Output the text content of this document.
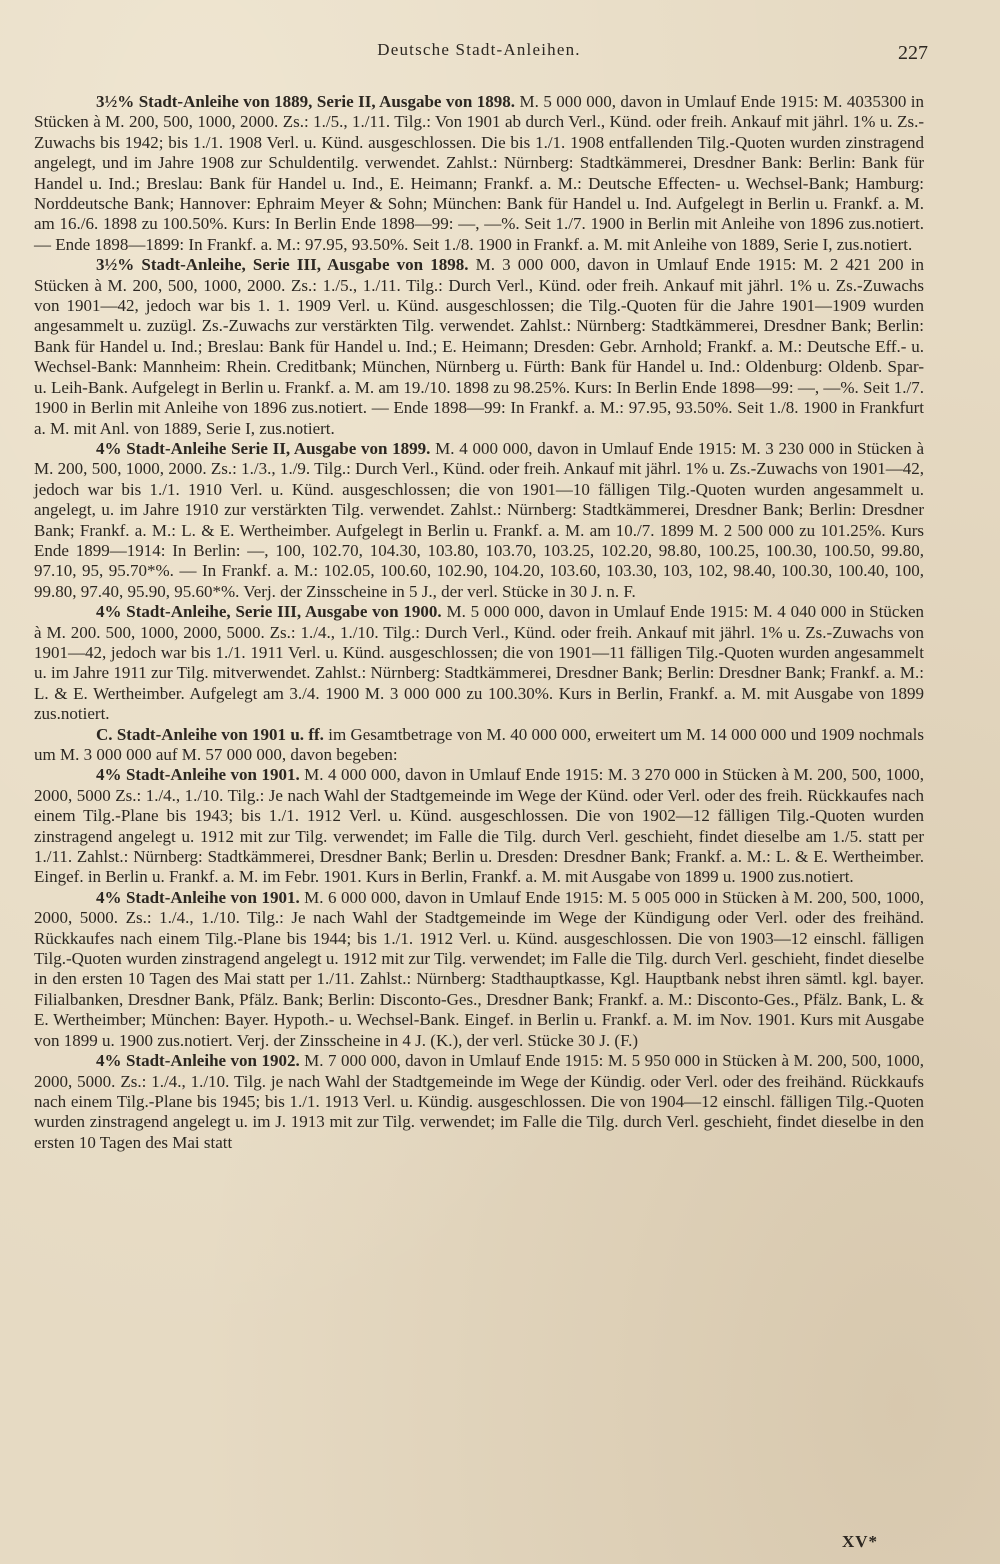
Deutsche Stadt-Anleihen.	227

3½% Stadt-Anleihe von 1889, Serie II, Ausgabe von 1898. M. 5 000 000, davon in Umlauf Ende 1915: M. 4035300 in Stücken à M. 200, 500, 1000, 2000. Zs.: 1./5., 1./11. Tilg.: Von 1901 ab durch Verl., Künd. oder freih. Ankauf mit jährl. 1% u. Zs.-Zuwachs bis 1942; bis 1./1. 1908 Verl. u. Künd. ausgeschlossen. Die bis 1./1. 1908 entfallenden Tilg.-Quoten wurden zinstragend angelegt, und im Jahre 1908 zur Schuldentilg. verwendet. Zahlst.: Nürnberg: Stadtkämmerei, Dresdner Bank: Berlin: Bank für Handel u. Ind.; Breslau: Bank für Handel u. Ind., E. Heimann; Frankf. a. M.: Deutsche Effecten- u. Wechsel-Bank; Hamburg: Norddeutsche Bank; Hannover: Ephraim Meyer & Sohn; München: Bank für Handel u. Ind. Aufgelegt in Berlin u. Frankf. a. M. am 16./6. 1898 zu 100.50%. Kurs: In Berlin Ende 1898—99: —, —%. Seit 1./7. 1900 in Berlin mit Anleihe von 1896 zus.notiert. — Ende 1898—1899: In Frankf. a. M.: 97.95, 93.50%. Seit 1./8. 1900 in Frankf. a. M. mit Anleihe von 1889, Serie I, zus.notiert.

3½% Stadt-Anleihe, Serie III, Ausgabe von 1898. M. 3 000 000, davon in Umlauf Ende 1915: M. 2 421 200 in Stücken à M. 200, 500, 1000, 2000. Zs.: 1./5., 1./11. Tilg.: Durch Verl., Künd. oder freih. Ankauf mit jährl. 1% u. Zs.-Zuwachs von 1901—42, jedoch war bis 1. 1. 1909 Verl. u. Künd. ausgeschlossen; die Tilg.-Quoten für die Jahre 1901—1909 wurden angesammelt u. zuzügl. Zs.-Zuwachs zur verstärkten Tilg. verwendet. Zahlst.: Nürnberg: Stadtkämmerei, Dresdner Bank; Berlin: Bank für Handel u. Ind.; Breslau: Bank für Handel u. Ind.; E. Heimann; Dresden: Gebr. Arnhold; Frankf. a. M.: Deutsche Eff.- u. Wechsel-Bank: Mannheim: Rhein. Creditbank; München, Nürnberg u. Fürth: Bank für Handel u. Ind.: Oldenburg: Oldenb. Spar- u. Leih-Bank. Aufgelegt in Berlin u. Frankf. a. M. am 19./10. 1898 zu 98.25%. Kurs: In Berlin Ende 1898—99: —, —%. Seit 1./7. 1900 in Berlin mit Anleihe von 1896 zus.notiert. — Ende 1898—99: In Frankf. a. M.: 97.95, 93.50%. Seit 1./8. 1900 in Frankfurt a. M. mit Anl. von 1889, Serie I, zus.notiert.

4% Stadt-Anleihe Serie II, Ausgabe von 1899. M. 4 000 000, davon in Umlauf Ende 1915: M. 3 230 000 in Stücken à M. 200, 500, 1000, 2000. Zs.: 1./3., 1./9. Tilg.: Durch Verl., Künd. oder freih. Ankauf mit jährl. 1% u. Zs.-Zuwachs von 1901—42, jedoch war bis 1./1. 1910 Verl. u. Künd. ausgeschlossen; die von 1901—10 fälligen Tilg.-Quoten wurden angesammelt u. angelegt, u. im Jahre 1910 zur verstärkten Tilg. verwendet. Zahlst.: Nürnberg: Stadtkämmerei, Dresdner Bank; Berlin: Dresdner Bank; Frankf. a. M.: L. & E. Wertheimber. Aufgelegt in Berlin u. Frankf. a. M. am 10./7. 1899 M. 2 500 000 zu 101.25%. Kurs Ende 1899—1914: In Berlin: —, 100, 102.70, 104.30, 103.80, 103.70, 103.25, 102.20, 98.80, 100.25, 100.30, 100.50, 99.80, 97.10, 95, 95.70*%. — In Frankf. a. M.: 102.05, 100.60, 102.90, 104.20, 103.60, 103.30, 103, 102, 98.40, 100.30, 100.40, 100, 99.80, 97.40, 95.90, 95.60*%. Verj. der Zinsscheine in 5 J., der verl. Stücke in 30 J. n. F.

4% Stadt-Anleihe, Serie III, Ausgabe von 1900. M. 5 000 000, davon in Umlauf Ende 1915: M. 4 040 000 in Stücken à M. 200. 500, 1000, 2000, 5000. Zs.: 1./4., 1./10. Tilg.: Durch Verl., Künd. oder freih. Ankauf mit jährl. 1% u. Zs.-Zuwachs von 1901—42, jedoch war bis 1./1. 1911 Verl. u. Künd. ausgeschlossen; die von 1901—11 fälligen Tilg.-Quoten wurden angesammelt u. im Jahre 1911 zur Tilg. mitverwendet. Zahlst.: Nürnberg: Stadtkämmerei, Dresdner Bank; Berlin: Dresdner Bank; Frankf. a. M.: L. & E. Wertheimber. Aufgelegt am 3./4. 1900 M. 3 000 000 zu 100.30%. Kurs in Berlin, Frankf. a. M. mit Ausgabe von 1899 zus.notiert.

C. Stadt-Anleihe von 1901 u. ff. im Gesamtbetrage von M. 40 000 000, erweitert um M. 14 000 000 und 1909 nochmals um M. 3 000 000 auf M. 57 000 000, davon begeben:

4% Stadt-Anleihe von 1901. M. 4 000 000, davon in Umlauf Ende 1915: M. 3 270 000 in Stücken à M. 200, 500, 1000, 2000, 5000 Zs.: 1./4., 1./10. Tilg.: Je nach Wahl der Stadtgemeinde im Wege der Künd. oder Verl. oder des freih. Rückkaufes nach einem Tilg.-Plane bis 1943; bis 1./1. 1912 Verl. u. Künd. ausgeschlossen. Die von 1902—12 fälligen Tilg.-Quoten wurden zinstragend angelegt u. 1912 mit zur Tilg. verwendet; im Falle die Tilg. durch Verl. geschieht, findet dieselbe am 1./5. statt per 1./11. Zahlst.: Nürnberg: Stadtkämmerei, Dresdner Bank; Berlin u. Dresden: Dresdner Bank; Frankf. a. M.: L. & E. Wertheimber. Eingef. in Berlin u. Frankf. a. M. im Febr. 1901. Kurs in Berlin, Frankf. a. M. mit Ausgabe von 1899 u. 1900 zus.notiert.

4% Stadt-Anleihe von 1901. M. 6 000 000, davon in Umlauf Ende 1915: M. 5 005 000 in Stücken à M. 200, 500, 1000, 2000, 5000. Zs.: 1./4., 1./10. Tilg.: Je nach Wahl der Stadtgemeinde im Wege der Kündigung oder Verl. oder des freihänd. Rückkaufes nach einem Tilg.-Plane bis 1944; bis 1./1. 1912 Verl. u. Künd. ausgeschlossen. Die von 1903—12 einschl. fälligen Tilg.-Quoten wurden zinstragend angelegt u. 1912 mit zur Tilg. verwendet; im Falle die Tilg. durch Verl. geschieht, findet dieselbe in den ersten 10 Tagen des Mai statt per 1./11. Zahlst.: Nürnberg: Stadthauptkasse, Kgl. Hauptbank nebst ihren sämtl. kgl. bayer. Filialbanken, Dresdner Bank, Pfälz. Bank; Berlin: Disconto-Ges., Dresdner Bank; Frankf. a. M.: Disconto-Ges., Pfälz. Bank, L. & E. Wertheimber; München: Bayer. Hypoth.- u. Wechsel-Bank. Eingef. in Berlin u. Frankf. a. M. im Nov. 1901. Kurs mit Ausgabe von 1899 u. 1900 zus.notiert. Verj. der Zinsscheine in 4 J. (K.), der verl. Stücke 30 J. (F.)

4% Stadt-Anleihe von 1902. M. 7 000 000, davon in Umlauf Ende 1915: M. 5 950 000 in Stücken à M. 200, 500, 1000, 2000, 5000. Zs.: 1./4., 1./10. Tilg. je nach Wahl der Stadtgemeinde im Wege der Kündig. oder Verl. oder des freihänd. Rückkaufs nach einem Tilg.-Plane bis 1945; bis 1./1. 1913 Verl. u. Kündig. ausgeschlossen. Die von 1904—12 einschl. fälligen Tilg.-Quoten wurden zinstragend angelegt u. im J. 1913 mit zur Tilg. verwendet; im Falle die Tilg. durch Verl. geschieht, findet dieselbe in den ersten 10 Tagen des Mai statt

XV*
